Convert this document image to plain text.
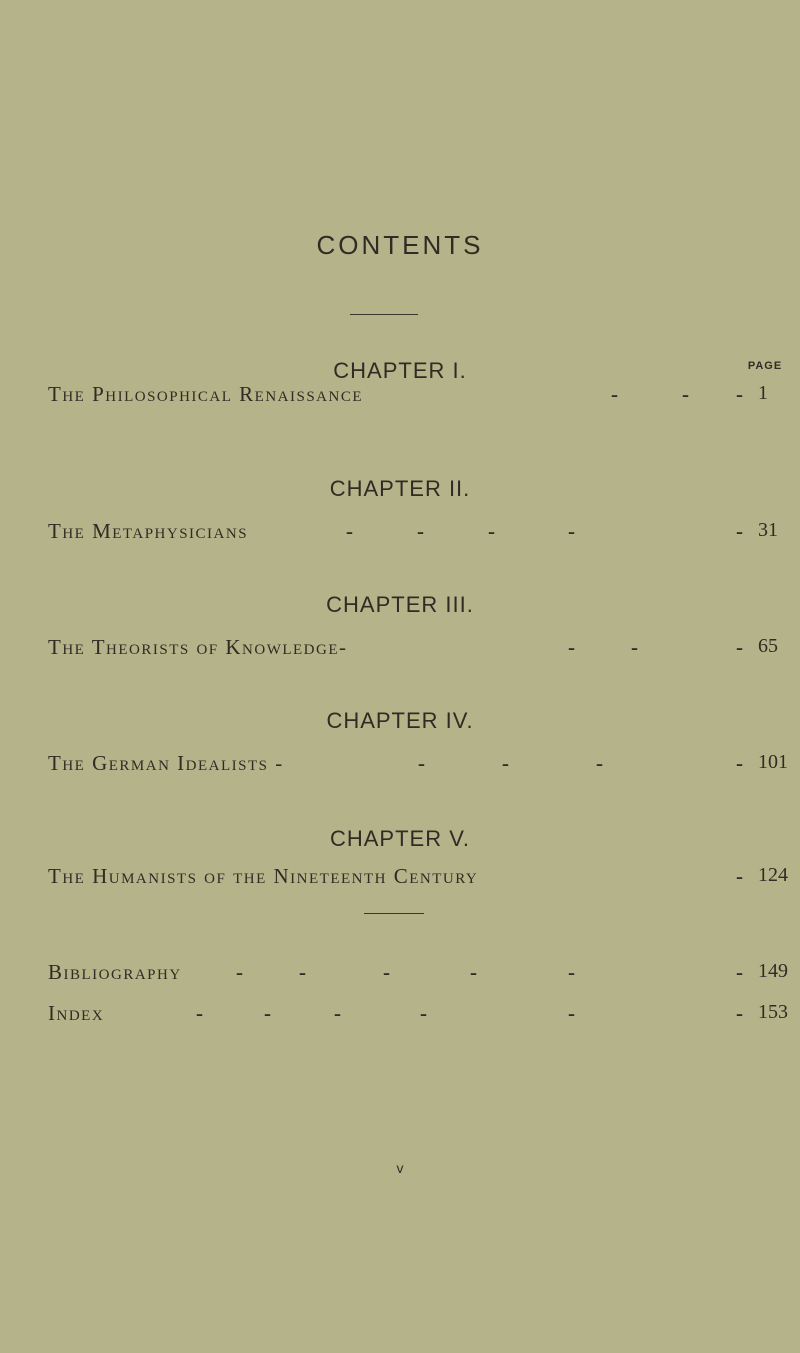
CONTENTS
PAGE
CHAPTER I.
The Philosophical Renaissance	-	- - 1
CHAPTER II.
The Metaphysicians	-	-	-	-	- 31
CHAPTER III.
The Theorists of Knowledge-	-	-	- 65
CHAPTER IV.
The German Idealists -	-	-	-	- 101
CHAPTER V.
The Humanists of the Nineteenth Century	- 124
Bibliography	-	-	-	-	-	- 149
Index	-	-	-	-	-	- 153
v
